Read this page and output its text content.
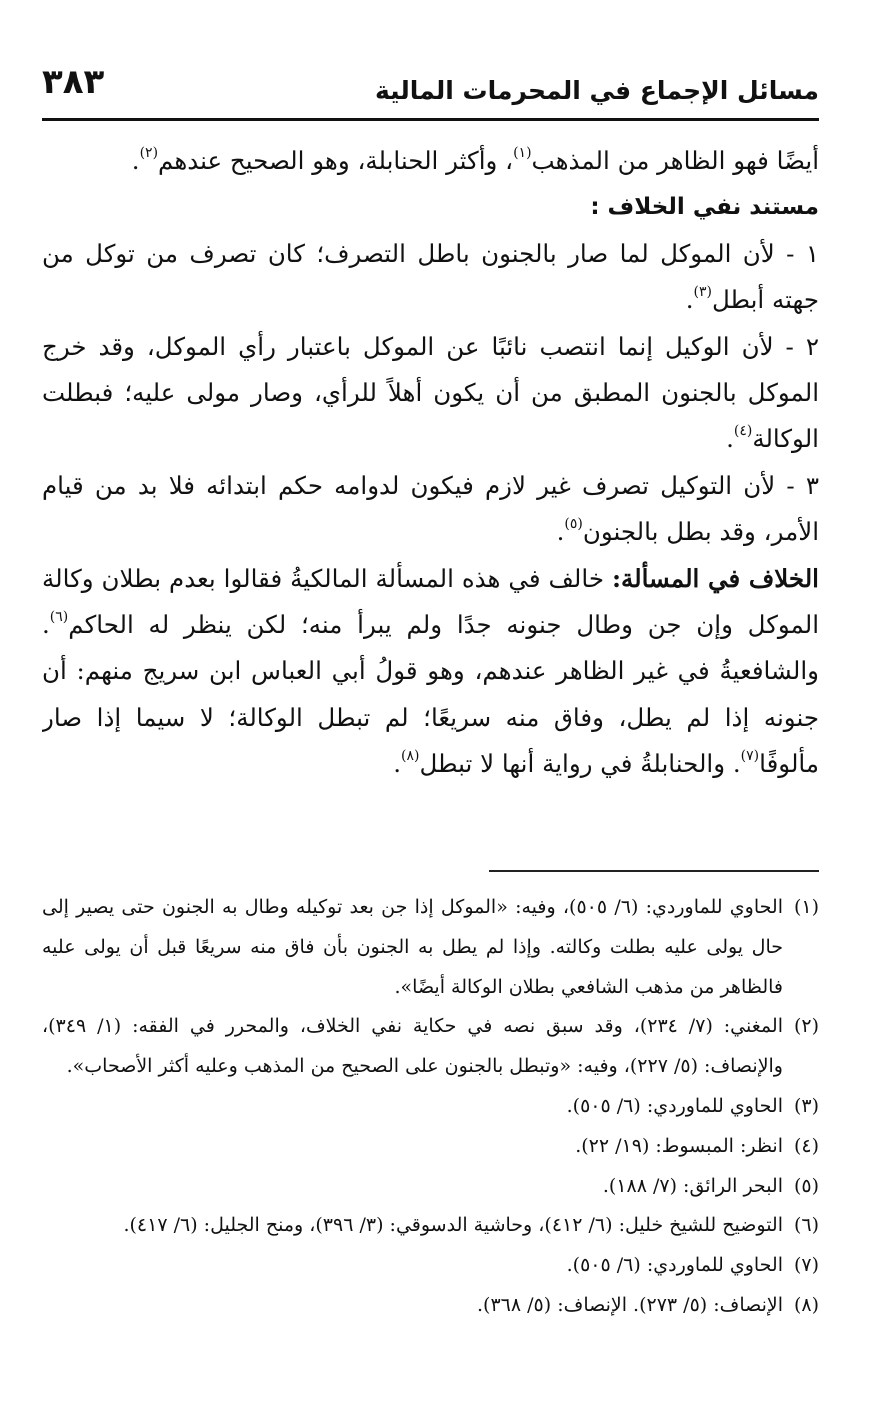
مسائل الإجماع في المحرمات المالية
٣٨٣

أيضًا فهو الظاهر من المذهب$^{(١)}$، وأكثر الحنابلة، وهو الصحيح عندهم$^{(٢)}$.

مستند نفي الخلاف :

١ - لأن الموكل لما صار بالجنون باطل التصرف؛ كان تصرف من توكل من جهته أبطل$^{(٣)}$.

٢ - لأن الوكيل إنما انتصب نائبًا عن الموكل باعتبار رأي الموكل، وقد خرج الموكل بالجنون المطبق من أن يكون أهلاً للرأي، وصار مولى عليه؛ فبطلت الوكالة$^{(٤)}$.

٣ - لأن التوكيل تصرف غير لازم فيكون لدوامه حكم ابتدائه فلا بد من قيام الأمر، وقد بطل بالجنون$^{(٥)}$.

الخلاف في المسألة: خالف في هذه المسألة المالكيةُ فقالوا بعدم بطلان وكالة الموكل وإن جن وطال جنونه جدًا ولم يبرأ منه؛ لكن ينظر له الحاكم$^{(٦)}$. والشافعيةُ في غير الظاهر عندهم، وهو قولُ أبي العباس ابن سريج منهم: أن جنونه إذا لم يطل، وفاق منه سريعًا؛ لم تبطل الوكالة؛ لا سيما إذا صار مألوفًا$^{(٧)}$. والحنابلةُ في رواية أنها لا تبطل$^{(٨)}$.

(١)
الحاوي للماوردي: (٦/ ٥٠٥)، وفيه: «الموكل إذا جن بعد توكيله وطال به الجنون حتى يصير إلى حال يولى عليه بطلت وكالته. وإذا لم يطل به الجنون بأن فاق منه سريعًا قبل أن يولى عليه فالظاهر من مذهب الشافعي بطلان الوكالة أيضًا».

(٢)
المغني: (٧/ ٢٣٤)، وقد سبق نصه في حكاية نفي الخلاف، والمحرر في الفقه: (١/ ٣٤٩)، والإنصاف: (٥/ ٢٢٧)، وفيه: «وتبطل بالجنون على الصحيح من المذهب وعليه أكثر الأصحاب».

(٣)
الحاوي للماوردي: (٦/ ٥٠٥).

(٤)
انظر: المبسوط: (١٩/ ٢٢).

(٥)
البحر الرائق: (٧/ ١٨٨).

(٦)
التوضيح للشيخ خليل: (٦/ ٤١٢)، وحاشية الدسوقي: (٣/ ٣٩٦)، ومنح الجليل: (٦/ ٤١٧).

(٧)
الحاوي للماوردي: (٦/ ٥٠٥).

(٨)
الإنصاف: (٥/ ٢٧٣). الإنصاف: (٥/ ٣٦٨).
